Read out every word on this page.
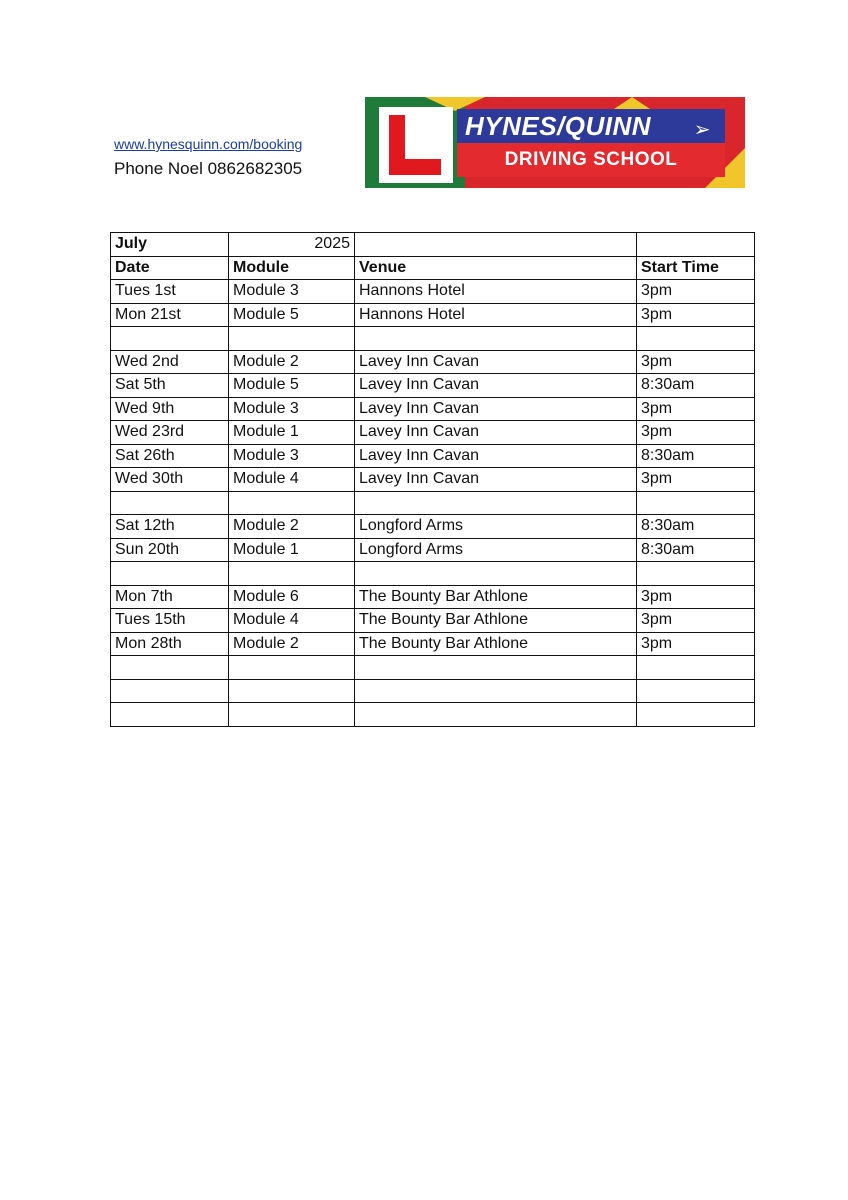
www.hynesquinn.com/booking
Phone Noel 0862682305
HYNES/QUINN ➢
DRIVING SCHOOL
July	2025		
Date	Module	Venue	Start Time
Tues 1st	Module 3	Hannons Hotel	3pm
Mon 21st	Module 5	Hannons Hotel	3pm

Wed 2nd	Module 2	Lavey Inn Cavan	3pm
Sat 5th	Module 5	Lavey Inn Cavan	8:30am
Wed 9th	Module 3	Lavey Inn Cavan	3pm
Wed 23rd	Module 1	Lavey Inn Cavan	3pm
Sat 26th	Module 3	Lavey Inn Cavan	8:30am
Wed 30th	Module 4	Lavey Inn Cavan	3pm

Sat 12th	Module 2	Longford Arms	8:30am
Sun 20th	Module 1	Longford Arms	8:30am

Mon 7th	Module 6	The Bounty Bar Athlone	3pm
Tues 15th	Module 4	The Bounty Bar Athlone	3pm
Mon 28th	Module 2	The Bounty Bar Athlone	3pm
